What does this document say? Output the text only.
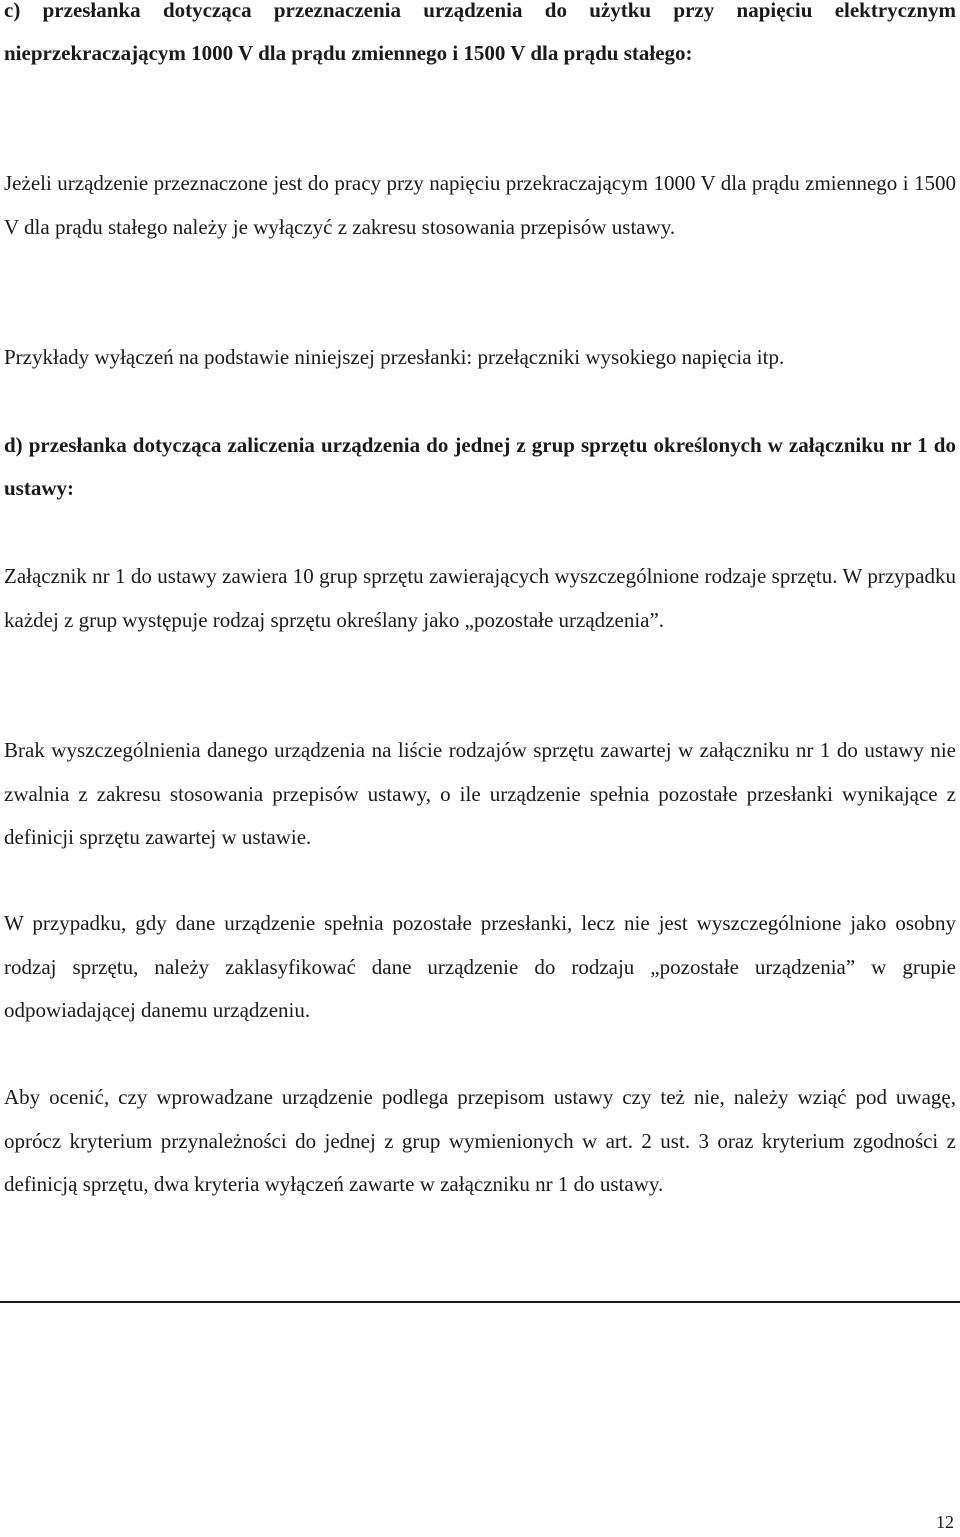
c) przesłanka dotycząca przeznaczenia urządzenia do użytku przy napięciu elektrycznym nieprzekraczającym 1000 V dla prądu zmiennego i 1500 V dla prądu stałego:

Jeżeli urządzenie przeznaczone jest do pracy przy napięciu przekraczającym 1000 V dla prądu zmiennego i 1500 V dla prądu stałego należy je wyłączyć z zakresu stosowania przepisów ustawy.

Przykłady wyłączeń na podstawie niniejszej przesłanki: przełączniki wysokiego napięcia itp.

d) przesłanka dotycząca zaliczenia urządzenia do jednej z grup sprzętu określonych w załączniku nr 1 do ustawy:

Załącznik nr 1 do ustawy zawiera 10 grup sprzętu zawierających wyszczególnione rodzaje sprzętu. W przypadku każdej z grup występuje rodzaj sprzętu określany jako „pozostałe urządzenia”.

Brak wyszczególnienia danego urządzenia na liście rodzajów sprzętu zawartej w załączniku nr 1 do ustawy nie zwalnia z zakresu stosowania przepisów ustawy, o ile urządzenie spełnia pozostałe przesłanki wynikające z definicji sprzętu zawartej w ustawie.

W przypadku, gdy dane urządzenie spełnia pozostałe przesłanki, lecz nie jest wyszczególnione jako osobny rodzaj sprzętu, należy zaklasyfikować dane urządzenie do rodzaju „pozostałe urządzenia” w grupie odpowiadającej danemu urządzeniu.

Aby ocenić, czy wprowadzane urządzenie podlega przepisom ustawy czy też nie, należy wziąć pod uwagę, oprócz kryterium przynależności do jednej z grup wymienionych w art. 2 ust. 3 oraz kryterium zgodności z definicją sprzętu, dwa kryteria wyłączeń zawarte w załączniku nr 1 do ustawy.

12
